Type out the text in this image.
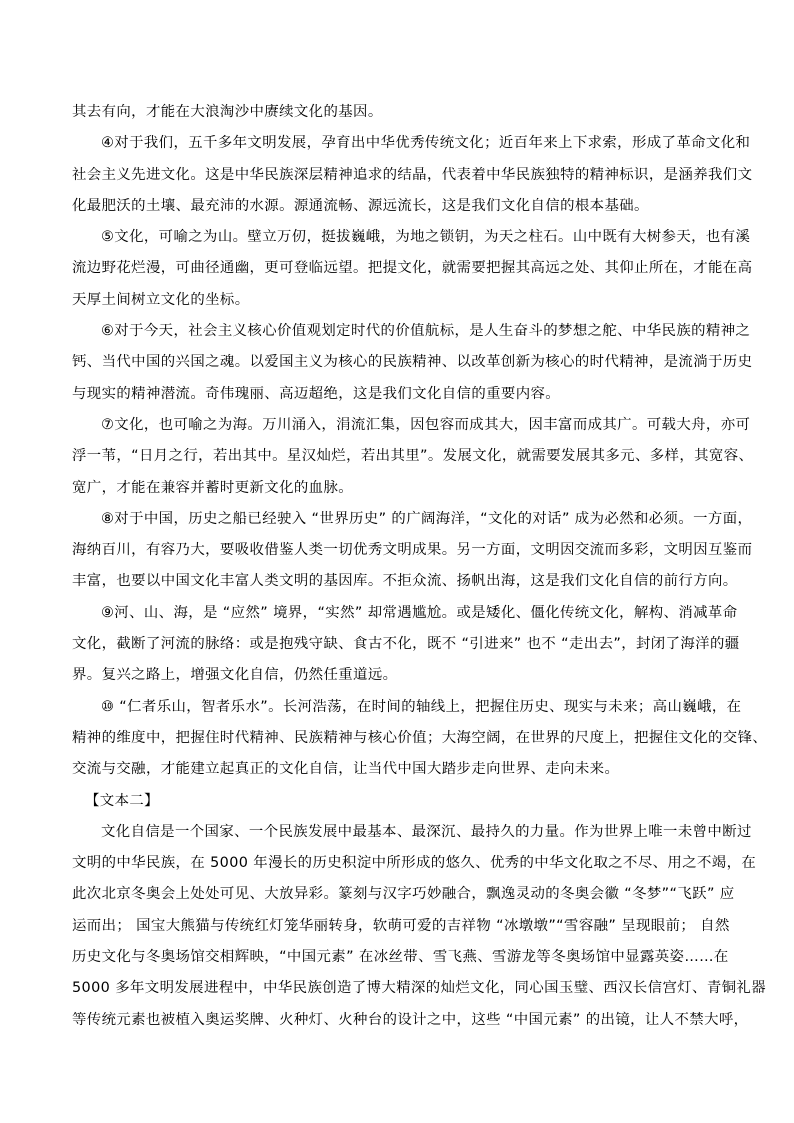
其去有向，才能在大浪淘沙中赓续文化的基因。
④对于我们，五千多年文明发展，孕育出中华优秀传统文化；近百年来上下求索，形成了革命文化和
社会主义先进文化。这是中华民族深层精神追求的结晶，代表着中华民族独特的精神标识，是涵养我们文
化最肥沃的土壤、最充沛的水源。源通流畅、源远流长，这是我们文化自信的根本基础。
⑤文化，可喻之为山。壁立万仞，挺拔巍峨，为地之锁钥，为天之柱石。山中既有大树参天，也有溪
流边野花烂漫，可曲径通幽，更可登临远望。把提文化，就需要把握其高远之处、其仰止所在，才能在高
天厚土间树立文化的坐标。
⑥对于今天，社会主义核心价值观划定时代的价值航标，是人生奋斗的梦想之舵、中华民族的精神之
钙、当代中国的兴国之魂。以爱国主义为核心的民族精神、以改革创新为核心的时代精神，是流淌于历史
与现实的精神潜流。奇伟瑰丽、高迈超绝，这是我们文化自信的重要内容。
⑦文化，也可喻之为海。万川涌入，涓流汇集，因包容而成其大，因丰富而成其广。可载大舟，亦可
浮一苇，“日月之行，若出其中。星汉灿烂，若出其里”。发展文化，就需要发展其多元、多样，其宽容、
宽广，才能在兼容并蓄时更新文化的血脉。
⑧对于中国，历史之船已经驶入 “世界历史” 的广阔海洋，“文化的对话” 成为必然和必须。一方面，
海纳百川，有容乃大，要吸收借鉴人类一切优秀文明成果。另一方面，文明因交流而多彩，文明因互鉴而
丰富，也要以中国文化丰富人类文明的基因库。不拒众流、扬帆出海，这是我们文化自信的前行方向。
⑨河、山、海，是 “应然” 境界，“实然” 却常遇尴尬。或是矮化、僵化传统文化，解构、消减革命
文化，截断了河流的脉络：或是抱残守缺、食古不化，既不 “引进来” 也不 “走出去”，封闭了海洋的疆
界。复兴之路上，增强文化自信，仍然任重道远。
⑩ “仁者乐山，智者乐水”。长河浩荡，在时间的轴线上，把握住历史、现实与未来；高山巍峨，在
精神的维度中，把握住时代精神、民族精神与核心价值；大海空阔，在世界的尺度上，把握住文化的交锋、
交流与交融，才能建立起真正的文化自信，让当代中国大踏步走向世界、走向未来。
【文本二】
文化自信是一个国家、一个民族发展中最基本、最深沉、最持久的力量。作为世界上唯一未曾中断过
文明的中华民族，在 5000 年漫长的历史积淀中所形成的悠久、优秀的中华文化取之不尽、用之不竭，在
此次北京冬奥会上处处可见、大放异彩。篆刻与汉字巧妙融合，飘逸灵动的冬奥会徽 “冬梦”“飞跃” 应
运而出； 国宝大熊猫与传统红灯笼华丽转身，软萌可爱的吉祥物 “冰墩墩”“雪容融” 呈现眼前； 自然
历史文化与冬奥场馆交相辉映，“中国元素” 在冰丝带、雪飞燕、雪游龙等冬奥场馆中显露英姿……在
5000 多年文明发展进程中，中华民族创造了博大精深的灿烂文化，同心国玉璧、西汉长信宫灯、青铜礼器
等传统元素也被植入奥运奖牌、火种灯、火种台的设计之中，这些 “中国元素” 的出镜，让人不禁大呼，
